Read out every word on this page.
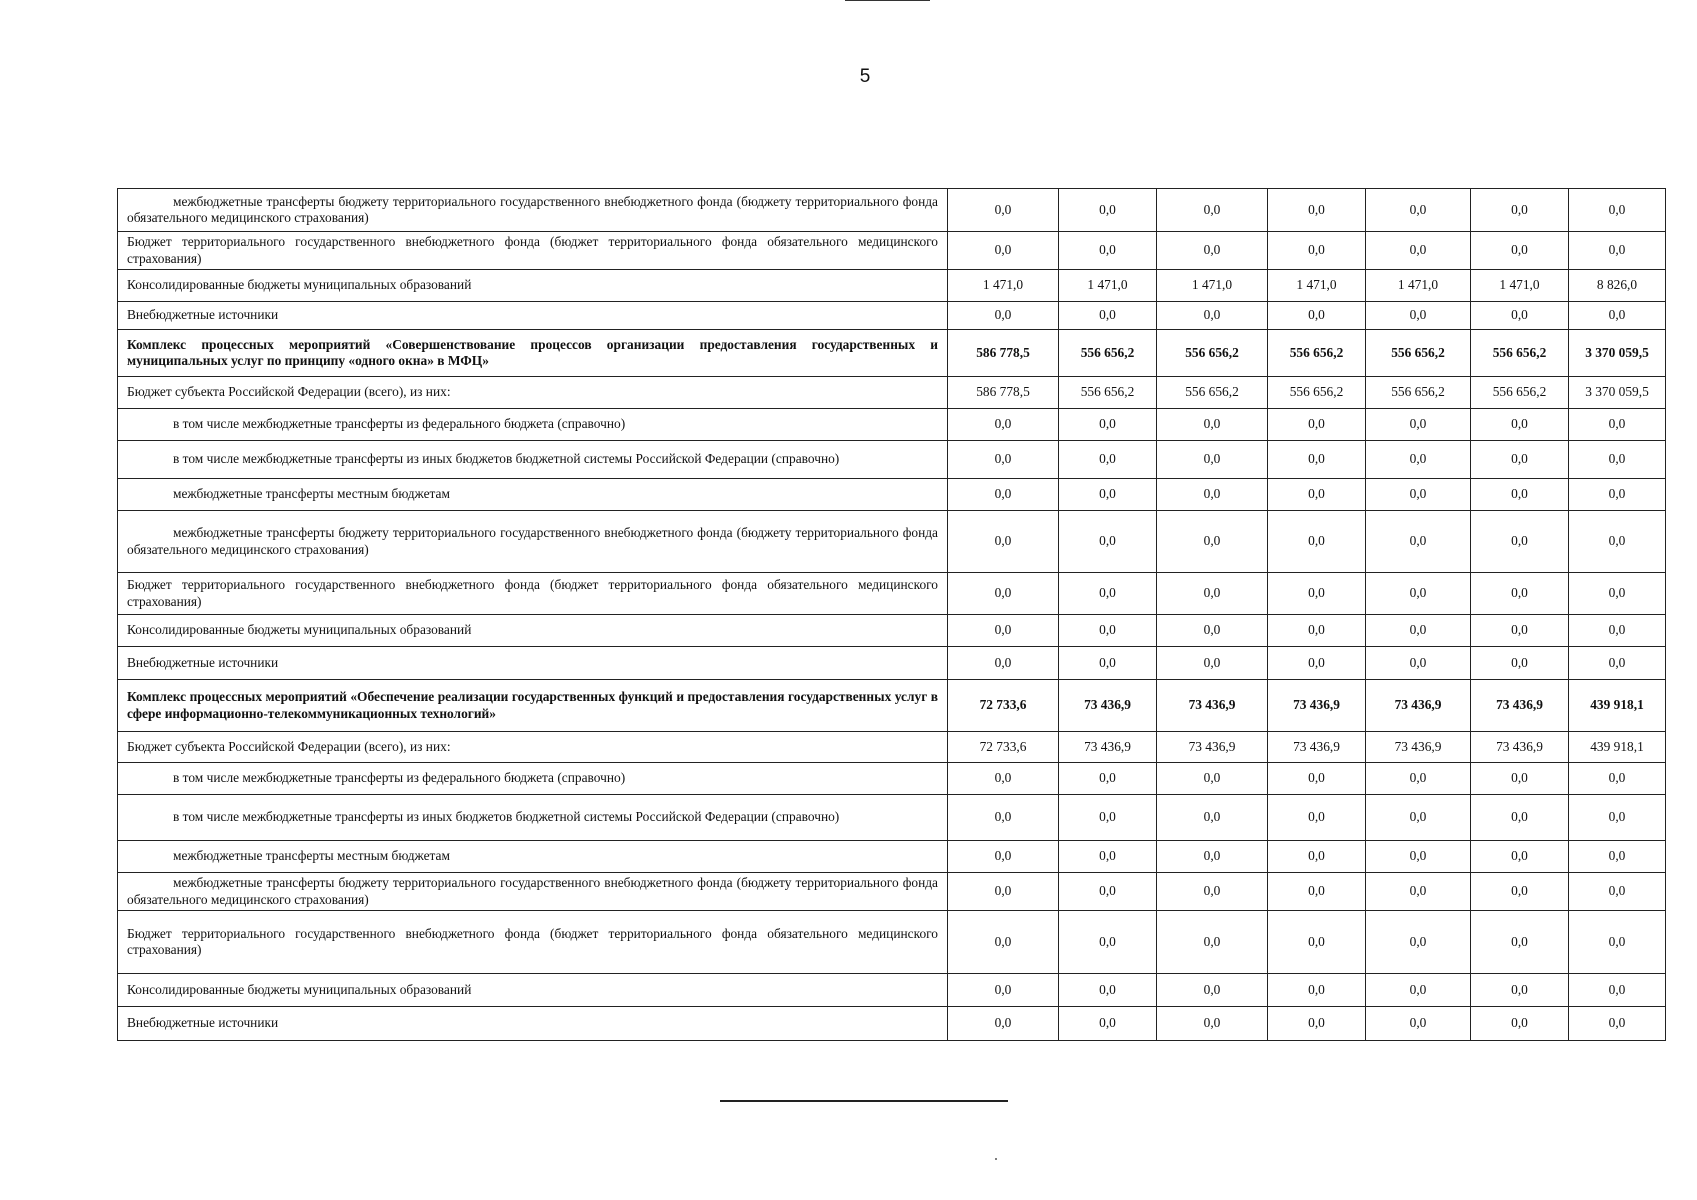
5
межбюджетные трансферты бюджету территориального государственного внебюджетного фонда (бюджету территориального фонда обязательного медицинского страхования)	0,0	0,0	0,0	0,0	0,0	0,0	0,0
Бюджет территориального государственного внебюджетного фонда (бюджет территориального фонда обязательного медицинского страхования)	0,0	0,0	0,0	0,0	0,0	0,0	0,0
Консолидированные бюджеты муниципальных образований	1 471,0	1 471,0	1 471,0	1 471,0	1 471,0	1 471,0	8 826,0
Внебюджетные источники	0,0	0,0	0,0	0,0	0,0	0,0	0,0
Комплекс процессных мероприятий «Совершенствование процессов организации предоставления государственных и муниципальных услуг по принципу «одного окна» в МФЦ»	586 778,5	556 656,2	556 656,2	556 656,2	556 656,2	556 656,2	3 370 059,5
Бюджет субъекта Российской Федерации (всего), из них:	586 778,5	556 656,2	556 656,2	556 656,2	556 656,2	556 656,2	3 370 059,5
в том числе межбюджетные трансферты из федерального бюджета (справочно)	0,0	0,0	0,0	0,0	0,0	0,0	0,0
в том числе межбюджетные трансферты из иных бюджетов бюджетной системы Российской Федерации (справочно)	0,0	0,0	0,0	0,0	0,0	0,0	0,0
межбюджетные трансферты местным бюджетам	0,0	0,0	0,0	0,0	0,0	0,0	0,0
межбюджетные трансферты бюджету территориального государственного внебюджетного фонда (бюджету территориального фонда обязательного медицинского страхования)	0,0	0,0	0,0	0,0	0,0	0,0	0,0
Бюджет территориального государственного внебюджетного фонда (бюджет территориального фонда обязательного медицинского страхования)	0,0	0,0	0,0	0,0	0,0	0,0	0,0
Консолидированные бюджеты муниципальных образований	0,0	0,0	0,0	0,0	0,0	0,0	0,0
Внебюджетные источники	0,0	0,0	0,0	0,0	0,0	0,0	0,0
Комплекс процессных мероприятий «Обеспечение реализации государственных функций и предоставления государственных услуг в сфере информационно-телекоммуникационных технологий»	72 733,6	73 436,9	73 436,9	73 436,9	73 436,9	73 436,9	439 918,1
Бюджет субъекта Российской Федерации (всего), из них:	72 733,6	73 436,9	73 436,9	73 436,9	73 436,9	73 436,9	439 918,1
в том числе межбюджетные трансферты из федерального бюджета (справочно)	0,0	0,0	0,0	0,0	0,0	0,0	0,0
в том числе межбюджетные трансферты из иных бюджетов бюджетной системы Российской Федерации (справочно)	0,0	0,0	0,0	0,0	0,0	0,0	0,0
межбюджетные трансферты местным бюджетам	0,0	0,0	0,0	0,0	0,0	0,0	0,0
межбюджетные трансферты бюджету территориального государственного внебюджетного фонда (бюджету территориального фонда обязательного медицинского страхования)	0,0	0,0	0,0	0,0	0,0	0,0	0,0
Бюджет территориального государственного внебюджетного фонда (бюджет территориального фонда обязательного медицинского страхования)	0,0	0,0	0,0	0,0	0,0	0,0	0,0
Консолидированные бюджеты муниципальных образований	0,0	0,0	0,0	0,0	0,0	0,0	0,0
Внебюджетные источники	0,0	0,0	0,0	0,0	0,0	0,0	0,0
